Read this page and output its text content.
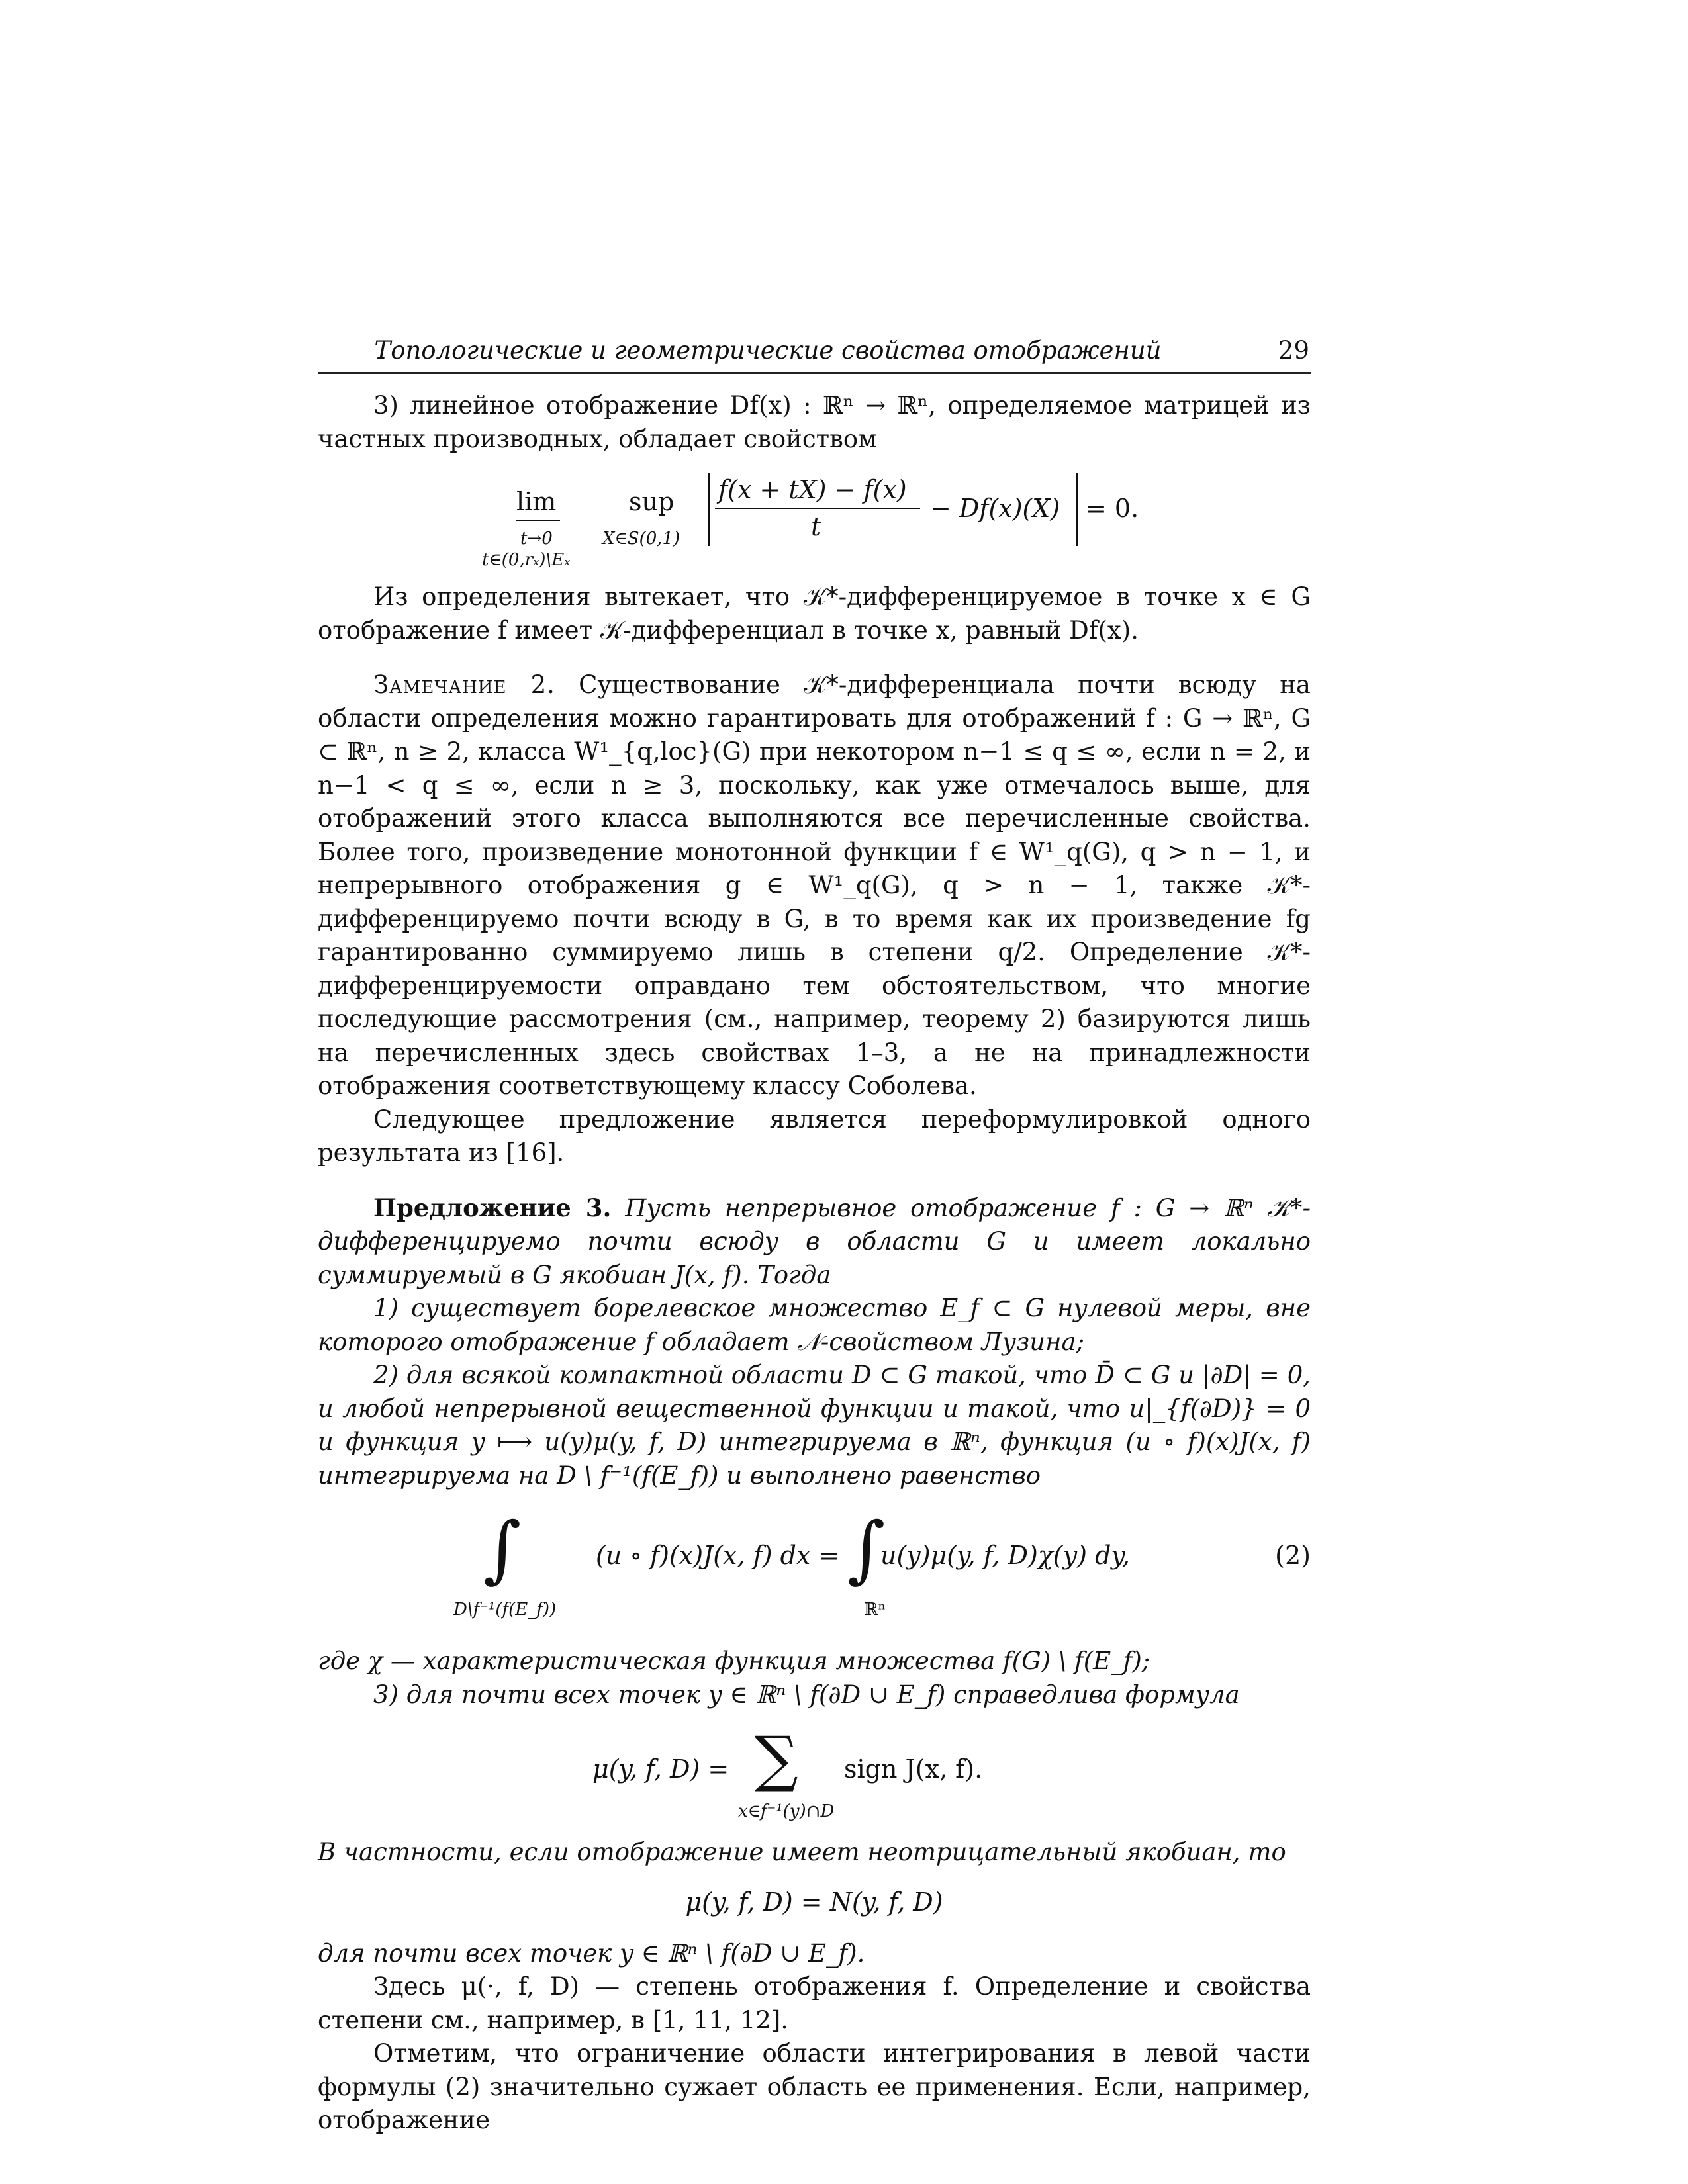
Топологические и геометрические свойства отображений	29

3) линейное отображение Df(x) : ℝⁿ → ℝⁿ, определяемое матрицей из частных производных, обладает свойством

lim
t→0
t∈(0,rₓ)\Eₓ
sup
X∈S(0,1)
f(x + tX) − f(x)
t
− Df(x)(X) = 0.

Из определения вытекает, что 𝒦*-дифференцируемое в точке x ∈ G отображение f имеет 𝒦-дифференциал в точке x, равный Df(x).

Замечание 2. Существование 𝒦*-дифференциала почти всюду на области определения можно гарантировать для отображений f : G → ℝⁿ, G ⊂ ℝⁿ, n ≥ 2, класса W¹_{q,loc}(G) при некотором n−1 ≤ q ≤ ∞, если n = 2, и n−1 < q ≤ ∞, если n ≥ 3, поскольку, как уже отмечалось выше, для отображений этого класса выполняются все перечисленные свойства. Более того, произведение монотонной функции f ∈ W¹_q(G), q > n − 1, и непрерывного отображения g ∈ W¹_q(G), q > n − 1, также 𝒦*-дифференцируемо почти всюду в G, в то время как их произведение fg гарантированно суммируемо лишь в степени q/2. Определение 𝒦*-дифференцируемости оправдано тем обстоятельством, что многие последующие рассмотрения (см., например, теорему 2) базируются лишь на перечисленных здесь свойствах 1–3, а не на принадлежности отображения соответствующему классу Соболева.

Следующее предложение является переформулировкой одного результата из [16].

Предложение 3. Пусть непрерывное отображение f : G → ℝⁿ 𝒦*-дифференцируемо почти всюду в области G и имеет локально суммируемый в G якобиан J(x, f). Тогда

1) существует борелевское множество E_f ⊂ G нулевой меры, вне которого отображение f обладает 𝒩-свойством Лузина;

2) для всякой компактной области D ⊂ G такой, что D̄ ⊂ G и |∂D| = 0, и любой непрерывной вещественной функции u такой, что u|_{f(∂D)} = 0 и функция y ⟼ u(y)μ(y, f, D) интегрируема в ℝⁿ, функция (u ∘ f)(x)J(x, f) интегрируема на D \ f⁻¹(f(E_f)) и выполнено равенство

∫
D\f⁻¹(f(E_f))
(u ∘ f)(x)J(x, f) dx = ∫
ℝⁿ
u(y)μ(y, f, D)χ(y) dy,	(2)

где χ — характеристическая функция множества f(G) \ f(E_f);

3) для почти всех точек y ∈ ℝⁿ \ f(∂D ∪ E_f) справедлива формула

μ(y, f, D) = ∑
x∈f⁻¹(y)∩D
sign J(x, f).

В частности, если отображение имеет неотрицательный якобиан, то

μ(y, f, D) = N(y, f, D)

для почти всех точек y ∈ ℝⁿ \ f(∂D ∪ E_f).

Здесь μ(·, f, D) — степень отображения f. Определение и свойства степени см., например, в [1, 11, 12].

Отметим, что ограничение области интегрирования в левой части формулы (2) значительно сужает область ее применения. Если, например, отображение
